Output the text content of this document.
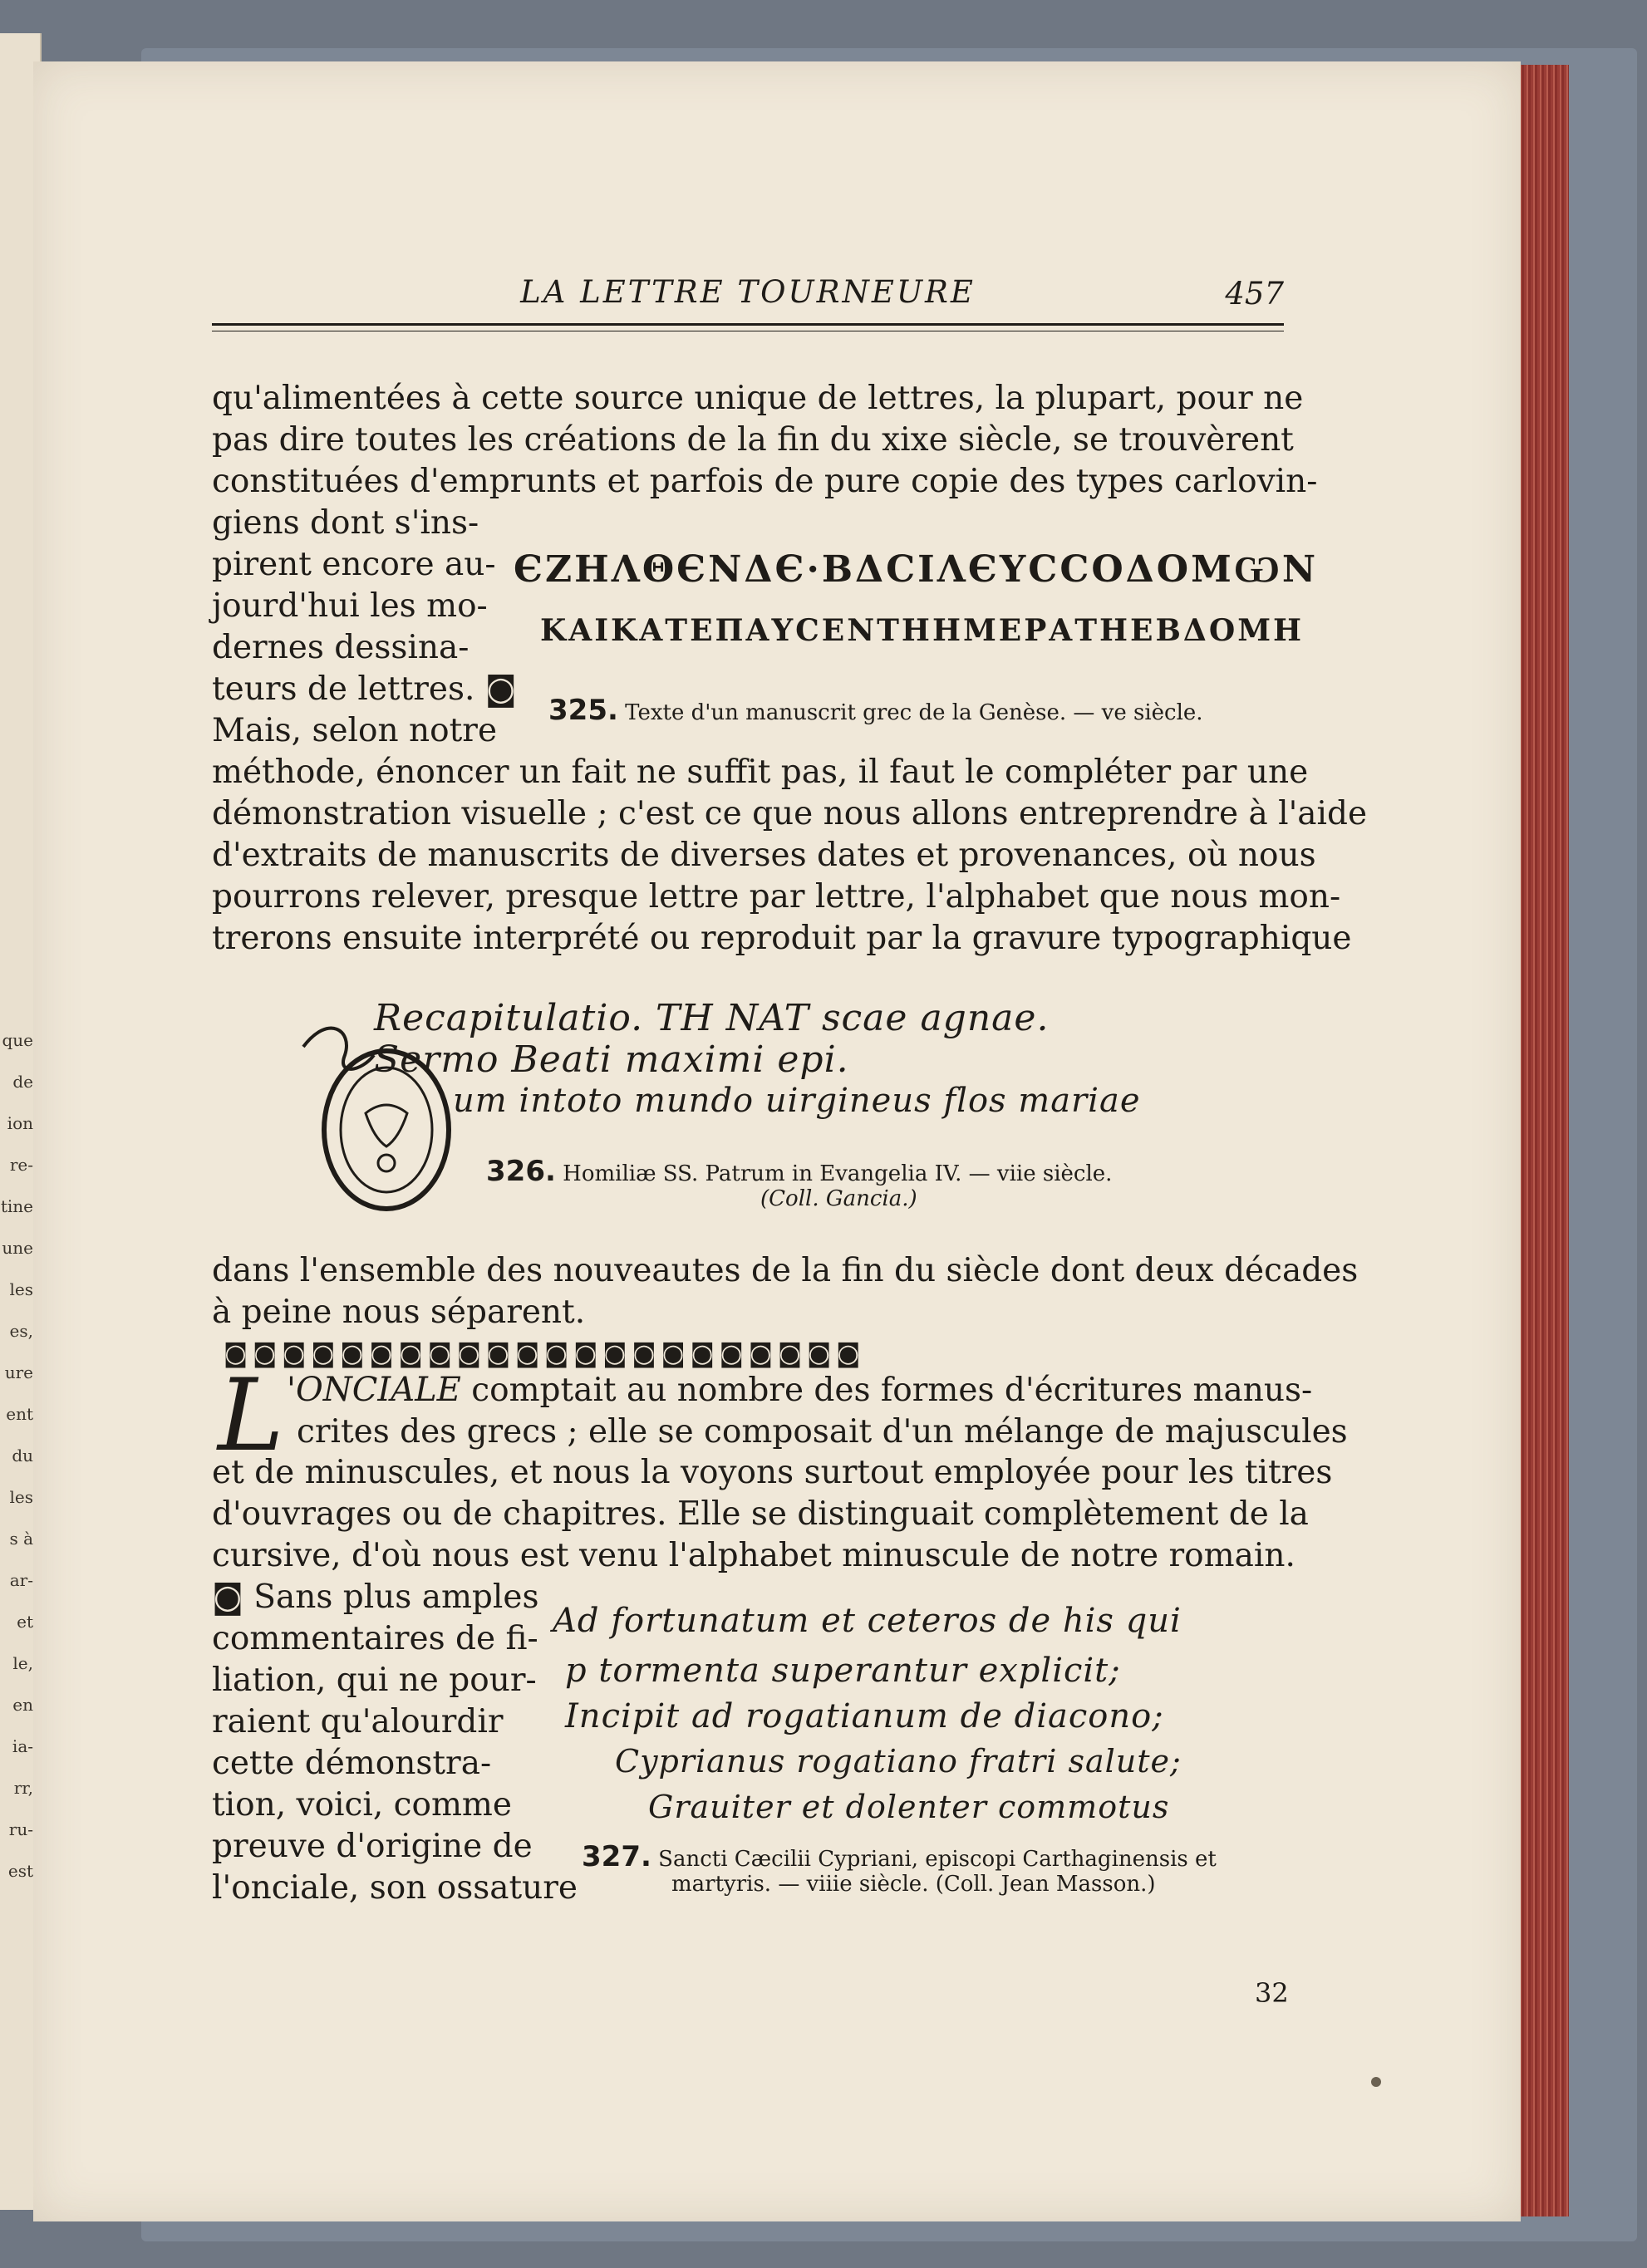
que
de
ion
re-
tine
une
les
es,
ure
ent
du
les
s à
ar-
et
le,
en
ia-
rr,
ru-
est
LA LETTRE TOURNEURE	457
qu'alimentées à cette source unique de lettres, la plupart, pour ne
pas dire toutes les créations de la fin du xixe siècle, se trouvèrent
constituées d'emprunts et parfois de pure copie des types carlovin-
giens dont s'ins-
pirent encore au-
jourd'hui les mo-
dernes dessina-
teurs de lettres. ◙
Mais, selon notre
ЄΖΗΛΘЄΝΔЄ·ΒΔCΙΛЄΥCCΟΔΟΜѠΝ
ΚΑΙΚΑΤΕΠΑΥCΕΝΤΗΗΜΕΡΑΤΗΕΒΔΟΜΗ
325. Texte d'un manuscrit grec de la Genèse. — ve siècle.
méthode, énoncer un fait ne suffit pas, il faut le compléter par une
démonstration visuelle ; c'est ce que nous allons entreprendre à l'aide
d'extraits de manuscrits de diverses dates et provenances, où nous
pourrons relever, presque lettre par lettre, l'alphabet que nous mon-
trerons ensuite interprété ou reproduit par la gravure typographique
Recapitulatio. TH NAT scae agnae.
Sermo Beati maximi epi.
um intoto mundo uirgineus flos mariae
326. Homiliæ SS. Patrum in Evangelia IV. — viie siècle.
(Coll. Gancia.)
dans l'ensemble des nouveautes de la fin du siècle dont deux décades
à peine nous séparent.
◙◙◙◙◙◙◙◙◙◙◙◙◙◙◙◙◙◙◙◙◙◙
L 'ONCIALE comptait au nombre des formes d'écritures manus-
crites des grecs ; elle se composait d'un mélange de majuscules
et de minuscules, et nous la voyons surtout employée pour les titres
d'ouvrages ou de chapitres. Elle se distinguait complètement de la
cursive, d'où nous est venu l'alphabet minuscule de notre romain.
◙ Sans plus amples
commentaires de fi-
liation, qui ne pour-
raient qu'alourdir
cette démonstra-
tion, voici, comme
preuve d'origine de
l'onciale, son ossature
Ad fortunatum et ceteros de his qui
p tormenta superantur explicit;
Incipit ad rogatianum de diacono;
Cyprianus rogatiano fratri salute;
Grauiter et dolenter commotus
327. Sancti Cæcilii Cypriani, episcopi Carthaginensis et
martyris. — viiie siècle. (Coll. Jean Masson.)
32
